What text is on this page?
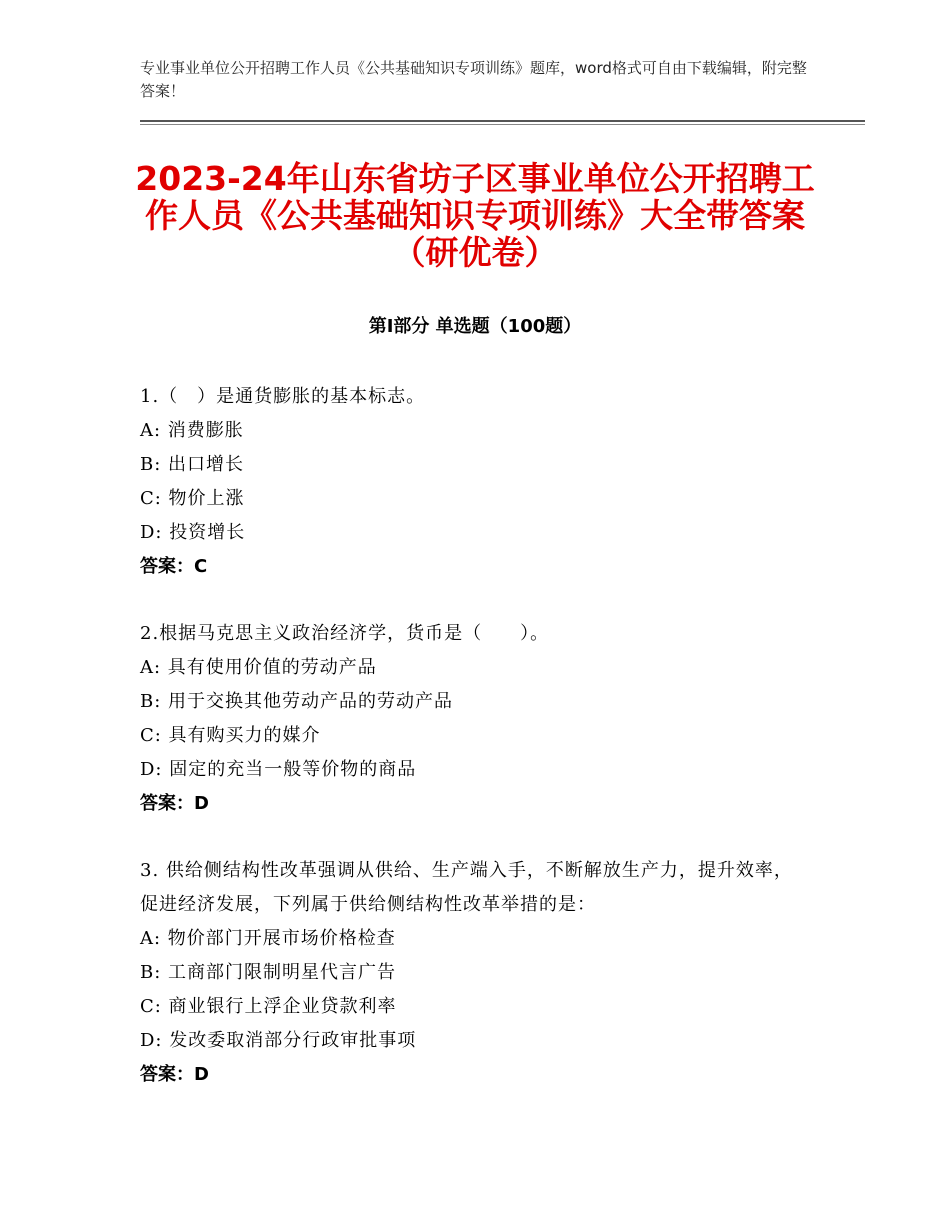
专业事业单位公开招聘工作人员《公共基础知识专项训练》题库，word格式可自由下载编辑，附完整答案！
2023-24年山东省坊子区事业单位公开招聘工作人员《公共基础知识专项训练》大全带答案（研优卷）
第Ⅰ部分 单选题（100题）

1.（　）是通货膨胀的基本标志。

A: 消费膨胀

B: 出口增长

C: 物价上涨

D: 投资增长

答案：C

2.根据马克思主义政治经济学，货币是（　　）。

A: 具有使用价值的劳动产品

B: 用于交换其他劳动产品的劳动产品

C: 具有购买力的媒介

D: 固定的充当一般等价物的商品

答案：D

3. 供给侧结构性改革强调从供给、生产端入手，不断解放生产力，提升效率，促进经济发展，下列属于供给侧结构性改革举措的是：

A: 物价部门开展市场价格检查

B: 工商部门限制明星代言广告

C: 商业银行上浮企业贷款利率

D: 发改委取消部分行政审批事项

答案：D
